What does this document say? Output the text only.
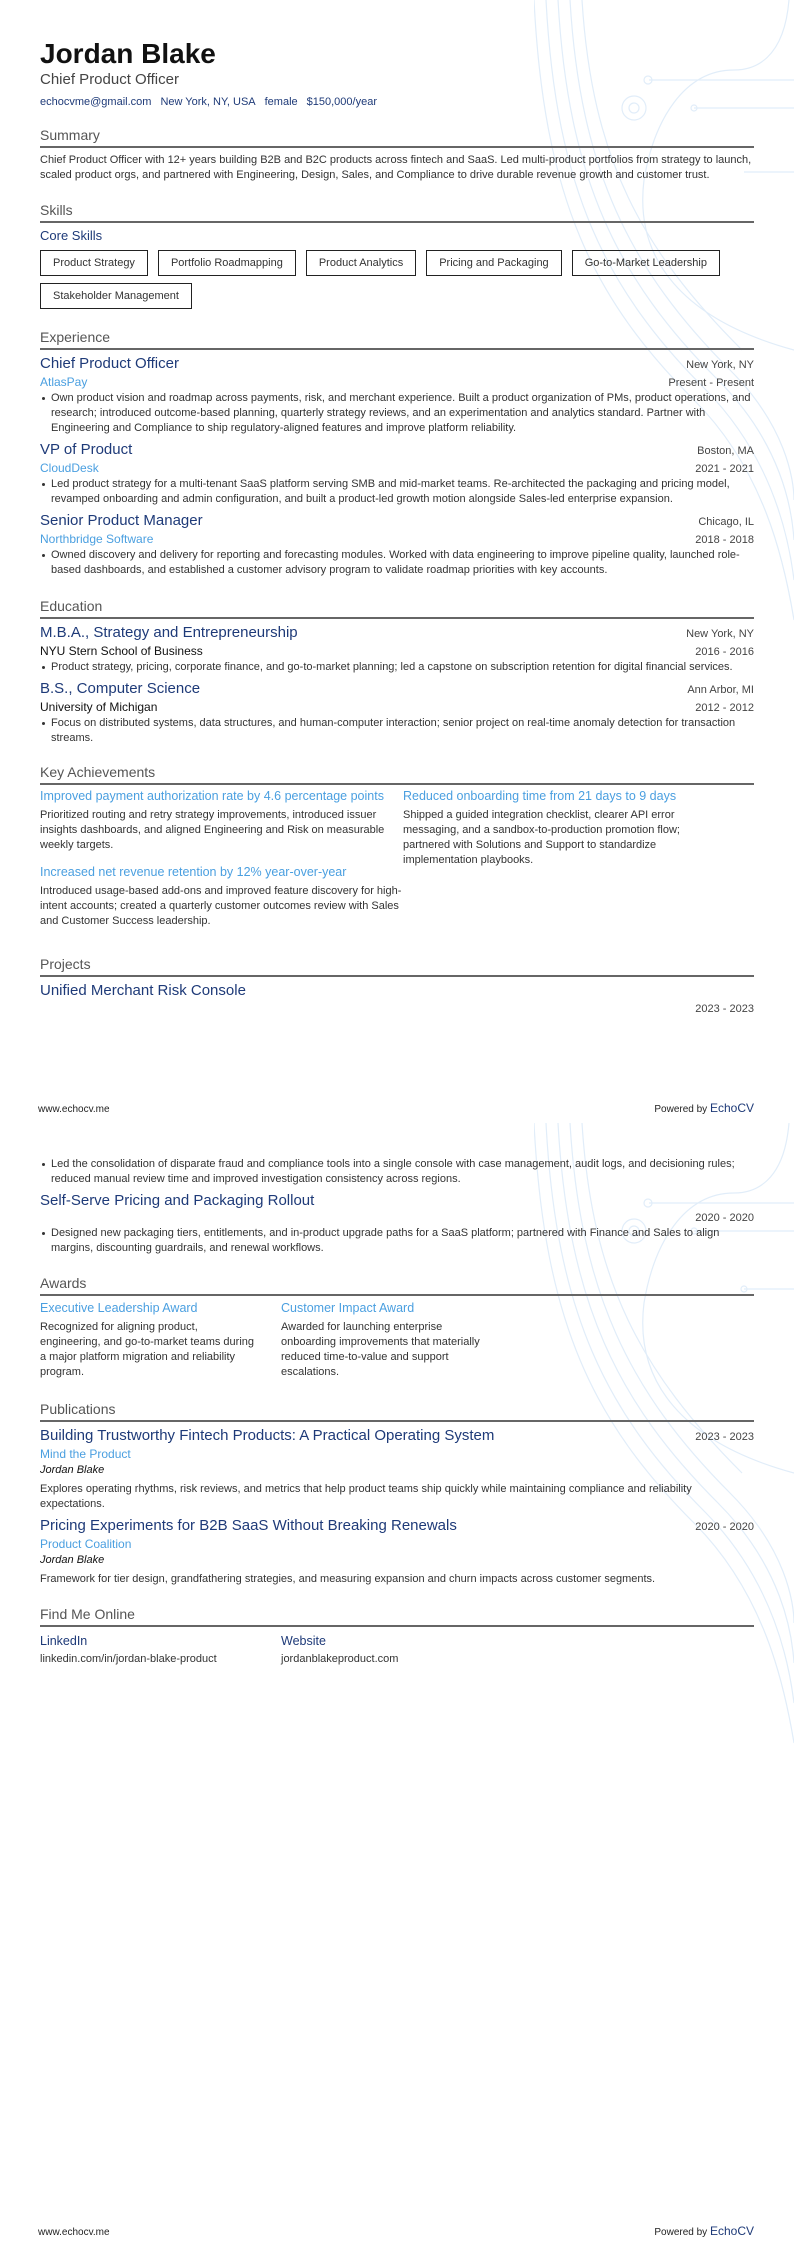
Jordan Blake
Chief Product Officer
echocvme@gmail.com New York, NY, USA female $150,000/year
Summary

Chief Product Officer with 12+ years building B2B and B2C products across fintech and SaaS. Led multi-product portfolios from strategy to launch, scaled product orgs, and partnered with Engineering, Design, Sales, and Compliance to drive durable revenue growth and customer trust.

Skills
Core Skills
Product Strategy	Portfolio Roadmapping	Product Analytics	Pricing and Packaging	Go-to-Market Leadership
Stakeholder Management
Experience
Chief Product Officer	New York, NY
AtlasPay	Present - Present
Own product vision and roadmap across payments, risk, and merchant experience. Built a product organization of PMs, product operations, and research; introduced outcome-based planning, quarterly strategy reviews, and an experimentation and analytics standard. Partner with Engineering and Compliance to ship regulatory-aligned features and improve platform reliability.
VP of Product	Boston, MA
CloudDesk	2021 - 2021
Led product strategy for a multi-tenant SaaS platform serving SMB and mid-market teams. Re-architected the packaging and pricing model, revamped onboarding and admin configuration, and built a product-led growth motion alongside Sales-led enterprise expansion.
Senior Product Manager	Chicago, IL
Northbridge Software	2018 - 2018
Owned discovery and delivery for reporting and forecasting modules. Worked with data engineering to improve pipeline quality, launched role-based dashboards, and established a customer advisory program to validate roadmap priorities with key accounts.
Education
M.B.A., Strategy and Entrepreneurship	New York, NY
NYU Stern School of Business	2016 - 2016
Product strategy, pricing, corporate finance, and go-to-market planning; led a capstone on subscription retention for digital financial services.
B.S., Computer Science	Ann Arbor, MI
University of Michigan	2012 - 2012
Focus on distributed systems, data structures, and human-computer interaction; senior project on real-time anomaly detection for transaction streams.
Key Achievements
Improved payment authorization rate by 4.6 percentage points
Prioritized routing and retry strategy improvements, introduced issuer insights dashboards, and aligned Engineering and Risk on measurable weekly targets.
Increased net revenue retention by 12% year-over-year
Introduced usage-based add-ons and improved feature discovery for high-intent accounts; created a quarterly customer outcomes review with Sales and Customer Success leadership.
Reduced onboarding time from 21 days to 9 days
Shipped a guided integration checklist, clearer API error messaging, and a sandbox-to-production promotion flow; partnered with Solutions and Support to standardize implementation playbooks.
Projects
Unified Merchant Risk Console
2023 - 2023
www.echocv.me	Powered by EchoCV
Led the consolidation of disparate fraud and compliance tools into a single console with case management, audit logs, and decisioning rules; reduced manual review time and improved investigation consistency across regions.
Self-Serve Pricing and Packaging Rollout
2020 - 2020
Designed new packaging tiers, entitlements, and in-product upgrade paths for a SaaS platform; partnered with Finance and Sales to align margins, discounting guardrails, and renewal workflows.
Awards
Executive Leadership Award
Recognized for aligning product, engineering, and go-to-market teams during a major platform migration and reliability program.
Customer Impact Award
Awarded for launching enterprise onboarding improvements that materially reduced time-to-value and support escalations.
Publications
Building Trustworthy Fintech Products: A Practical Operating System	2023 - 2023
Mind the Product
Jordan Blake
Explores operating rhythms, risk reviews, and metrics that help product teams ship quickly while maintaining compliance and reliability expectations.
Pricing Experiments for B2B SaaS Without Breaking Renewals	2020 - 2020
Product Coalition
Jordan Blake
Framework for tier design, grandfathering strategies, and measuring expansion and churn impacts across customer segments.
Find Me Online
LinkedIn
linkedin.com/in/jordan-blake-product
Website
jordanblakeproduct.com
www.echocv.me	Powered by EchoCV
